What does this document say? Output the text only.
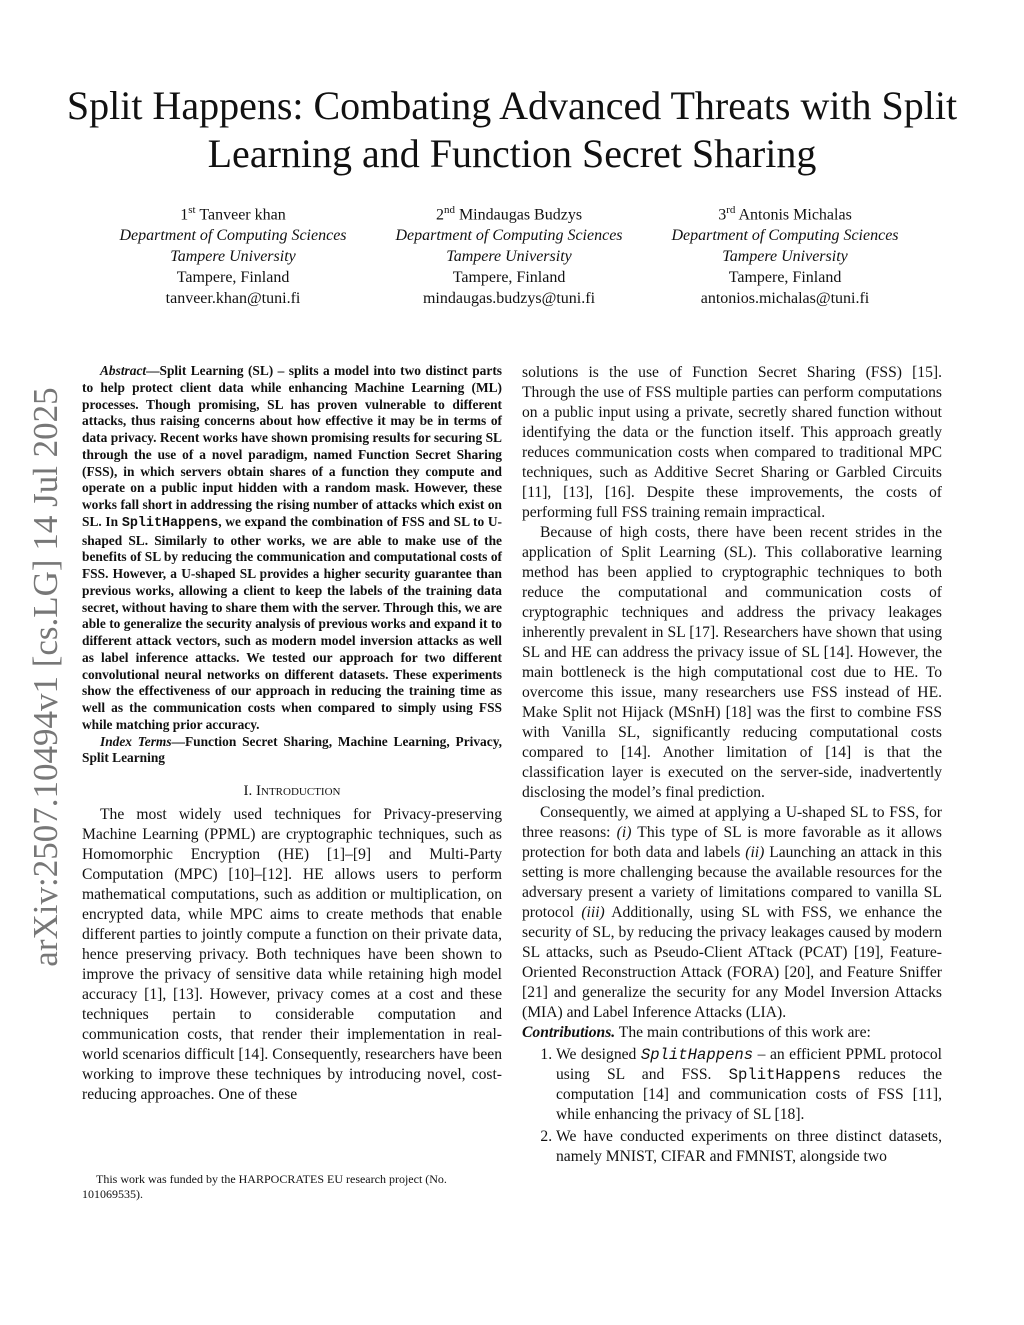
Split Happens: Combating Advanced Threats with Split Learning and Function Secret Sharing
1st Tanveer khan
Department of Computing Sciences
Tampere University
Tampere, Finland
tanveer.khan@tuni.fi
2nd Mindaugas Budzys
Department of Computing Sciences
Tampere University
Tampere, Finland
mindaugas.budzys@tuni.fi
3rd Antonis Michalas
Department of Computing Sciences
Tampere University
Tampere, Finland
antonios.michalas@tuni.fi
arXiv:2507.10494v1 [cs.LG] 14 Jul 2025

Abstract—Split Learning (SL) – splits a model into two distinct parts to help protect client data while enhancing Machine Learning (ML) processes. Though promising, SL has proven vulnerable to different attacks, thus raising concerns about how effective it may be in terms of data privacy. Recent works have shown promising results for securing SL through the use of a novel paradigm, named Function Secret Sharing (FSS), in which servers obtain shares of a function they compute and operate on a public input hidden with a random mask. However, these works fall short in addressing the rising number of attacks which exist on SL. In SplitHappens, we expand the combination of FSS and SL to U-shaped SL. Similarly to other works, we are able to make use of the benefits of SL by reducing the communication and computational costs of FSS. However, a U-shaped SL provides a higher security guarantee than previous works, allowing a client to keep the labels of the training data secret, without having to share them with the server. Through this, we are able to generalize the security analysis of previous works and expand it to different attack vectors, such as modern model inversion attacks as well as label inference attacks. We tested our approach for two different convolutional neural networks on different datasets. These experiments show the effectiveness of our approach in reducing the training time as well as the communication costs when compared to simply using FSS while matching prior accuracy.

Index Terms—Function Secret Sharing, Machine Learning, Privacy, Split Learning

I. Introduction

The most widely used techniques for Privacy-preserving Machine Learning (PPML) are cryptographic techniques, such as Homomorphic Encryption (HE) [1]–[9] and Multi-Party Computation (MPC) [10]–[12]. HE allows users to perform mathematical computations, such as addition or multiplication, on encrypted data, while MPC aims to create methods that enable different parties to jointly compute a function on their private data, hence preserving privacy. Both techniques have been shown to improve the privacy of sensitive data while retaining high model accuracy [1], [13]. However, privacy comes at a cost and these techniques pertain to considerable computation and communication costs, that render their implementation in real-world scenarios difficult [14]. Consequently, researchers have been working to improve these techniques by introducing novel, cost-reducing approaches. One of these

This work was funded by the HARPOCRATES EU research project (No. 101069535).

solutions is the use of Function Secret Sharing (FSS) [15]. Through the use of FSS multiple parties can perform computations on a public input using a private, secretly shared function without identifying the data or the function itself. This approach greatly reduces communication costs when compared to traditional MPC techniques, such as Additive Secret Sharing or Garbled Circuits [11], [13], [16]. Despite these improvements, the costs of performing full FSS training remain impractical.

Because of high costs, there have been recent strides in the application of Split Learning (SL). This collaborative learning method has been applied to cryptographic techniques to both reduce the computational and communication costs of cryptographic techniques and address the privacy leakages inherently prevalent in SL [17]. Researchers have shown that using SL and HE can address the privacy issue of SL [14]. However, the main bottleneck is the high computational cost due to HE. To overcome this issue, many researchers use FSS instead of HE. Make Split not Hijack (MSnH) [18] was the first to combine FSS with Vanilla SL, significantly reducing computational costs compared to [14]. Another limitation of [14] is that the classification layer is executed on the server-side, inadvertently disclosing the model’s final prediction.

Consequently, we aimed at applying a U-shaped SL to FSS, for three reasons: (i) This type of SL is more favorable as it allows protection for both data and labels (ii) Launching an attack in this setting is more challenging because the available resources for the adversary present a variety of limitations compared to vanilla SL protocol (iii) Additionally, using SL with FSS, we enhance the security of SL, by reducing the privacy leakages caused by modern SL attacks, such as Pseudo-Client ATtack (PCAT) [19], Feature-Oriented Reconstruction Attack (FORA) [20], and Feature Sniffer [21] and generalize the security for any Model Inversion Attacks (MIA) and Label Inference Attacks (LIA).

Contributions. The main contributions of this work are:

1. We designed SplitHappens – an efficient PPML protocol using SL and FSS. SplitHappens reduces the computation [14] and communication costs of FSS [11], while enhancing the privacy of SL [18].
2. We have conducted experiments on three distinct datasets, namely MNIST, CIFAR and FMNIST, alongside two
